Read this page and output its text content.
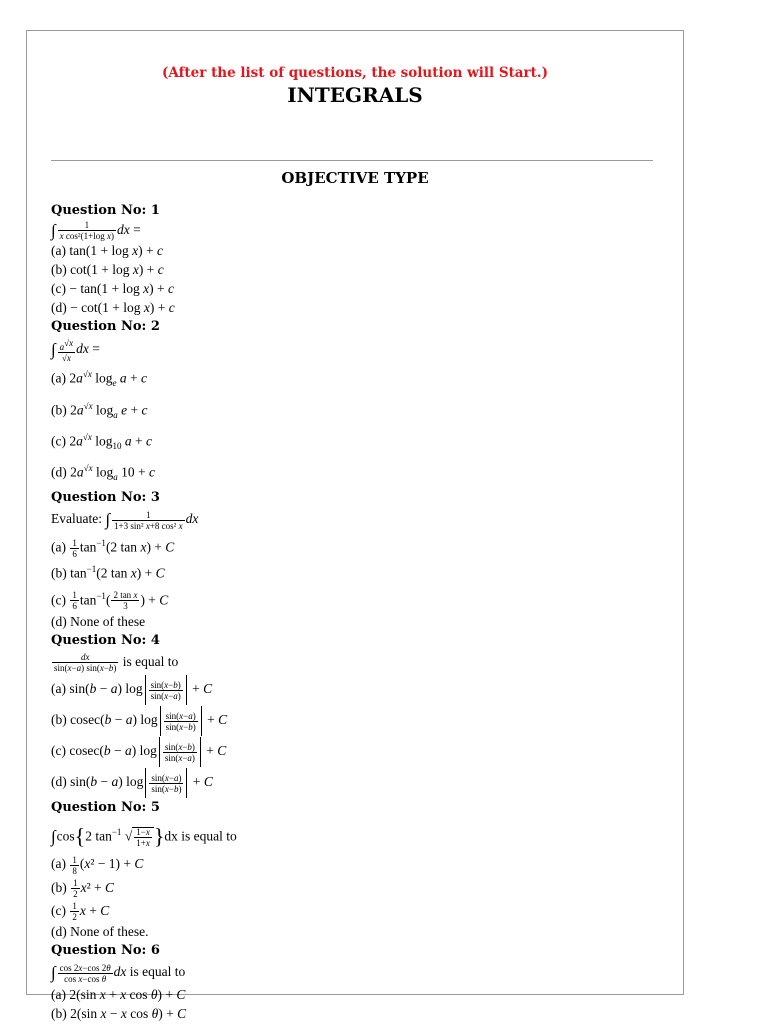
(After the list of questions, the solution will Start.)
INTEGRALS
OBJECTIVE TYPE
Question No: 1
∫ $\frac{1}{\text{x cos²(1+log x)}}$ dx =
(a) tan(1 + log x) + c
(b) cot(1 + log x) + c
(c) − tan(1 + log x) + c
(d) − cot(1 + log x) + c
Question No: 2
∫ $\frac{a^{√x}}{√x}$ dx =
(a) $2a^{√x}$ $\log_e a + c$
(b) $2a^{√x}$ $\log_a e + c$
(c) $2a^{√x}$ $\log_{10} a + c$
(d) $2a^{√x}$ $\log_a 10 + c$
Question No: 3
Evaluate: ∫ $\frac{1}{\text{1+3 sin² x+8 cos² x}}$ dx
$(a) \frac{1}{6} \tan^{-1}(2$ tan x) + C
(b) $\tan^{-1}(2$ tan x) + C
$(c) \frac{1}{6} \tan^{-1}( \frac{\text{2 tan x}}{3}$ ) + C
(d) None of these
Question No: 4
$\frac{dx}{\sin(x-a) \sin(x-b)}$ is equal to
(a) sin(b − a) $\log \frac{\sin(x-b)}{\sin(x-a)} + C$
(b) cosec(b − a) $\log \frac{\sin(x-a)}{\sin(x-b)} + C$
(c) cosec(b − a) $\log \frac{\sin(x-b)}{\sin(x-a)} + C$
(d) sin(b − a) $\log \frac{\sin(x-a)}{\sin(x-b)} + C$
Question No: 5
∫cos{2 $\tan^{-1}$ √ $\frac{1-x}{1+x} \}dx$ is equal to
$(a) \frac{1}{8} (x^2 - 1) + C$
$(b) \frac{1}{2} x^2 + C$
$(c) \frac{1}{2}$ x + C
(d) None of these.
Question No: 6
∫ $\frac{\cos 2x-\cos 2\theta}{\text{cos x−cos θ}}$ dx is equal to
(a) 2(sin x + x cos θ) + C
(b) 2(sin x − x cos θ) + C
